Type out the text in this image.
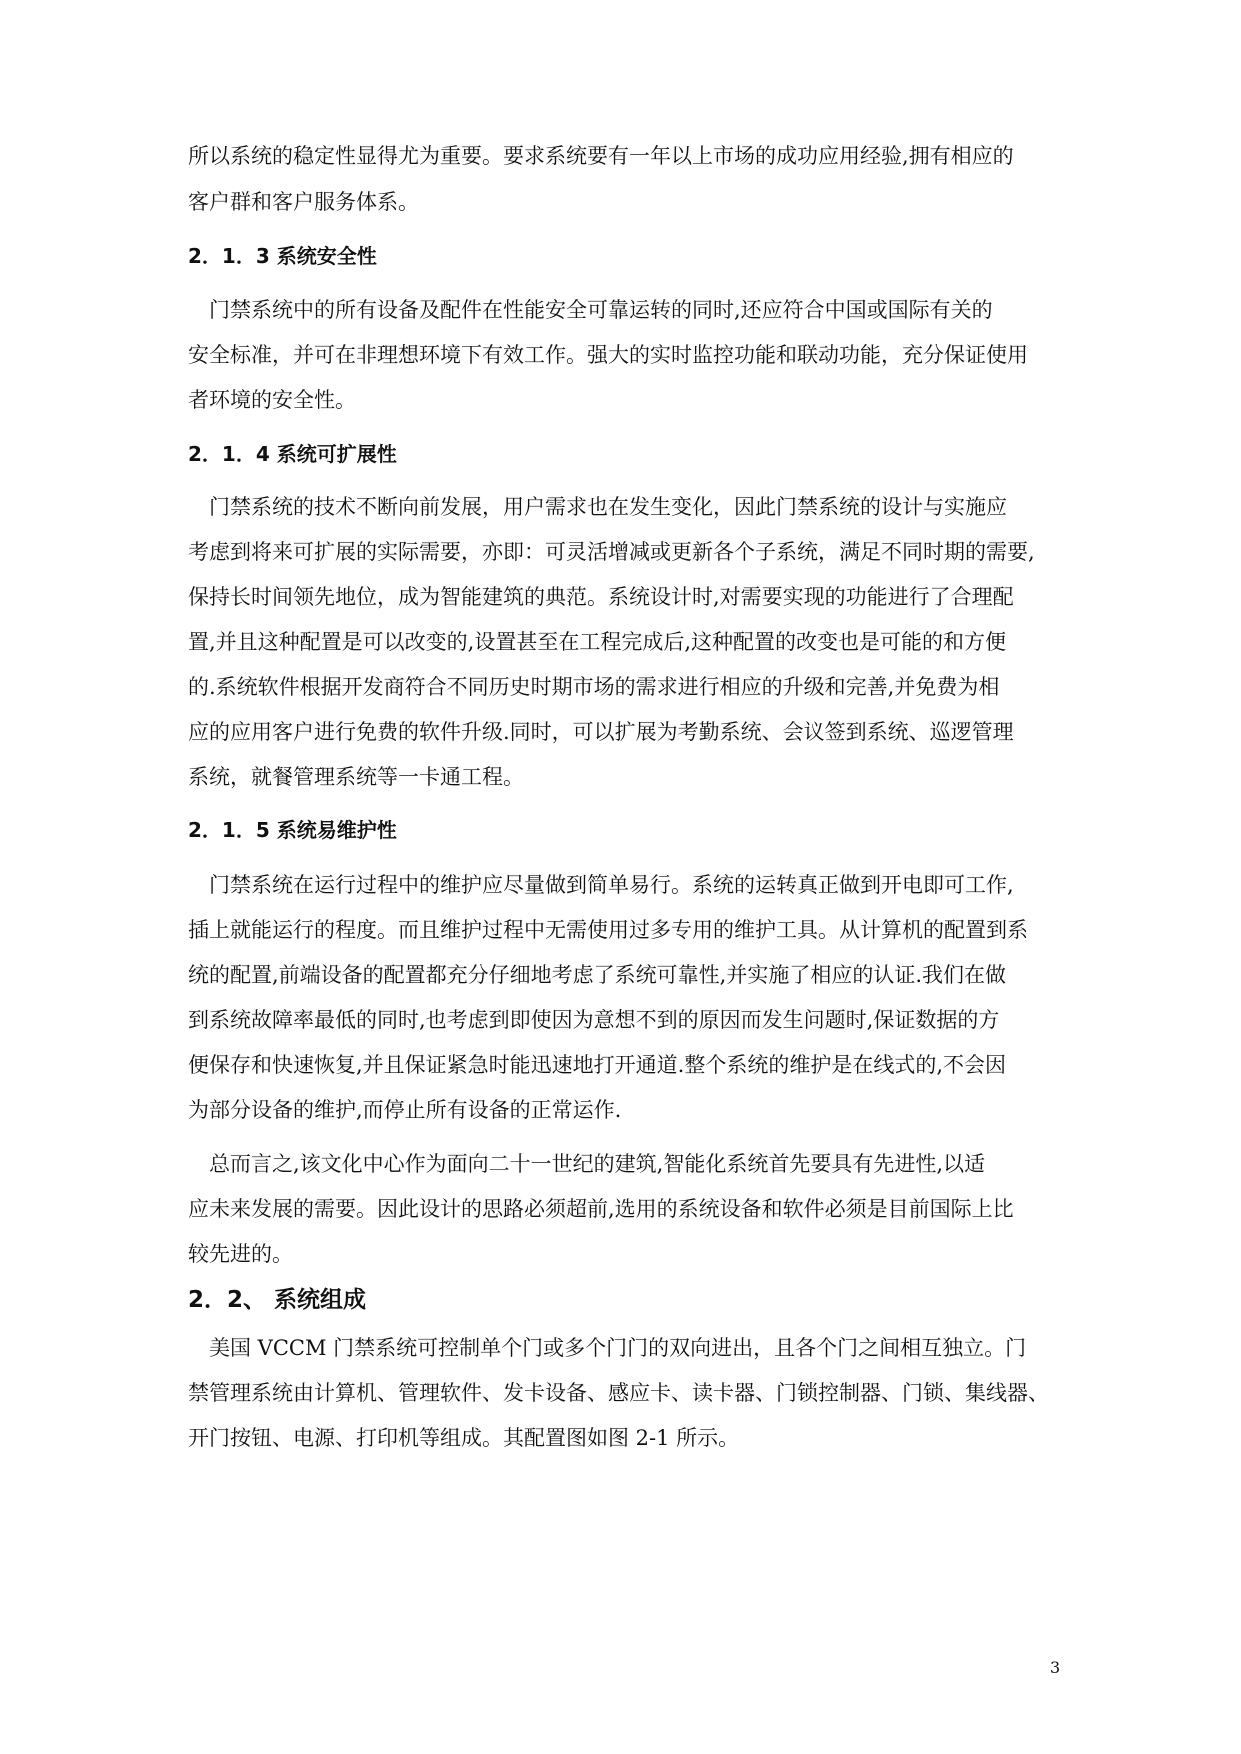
所以系统的稳定性显得尤为重要。要求系统要有一年以上市场的成功应用经验,拥有相应的
客户群和客户服务体系。
2．1．3 系统安全性
　门禁系统中的所有设备及配件在性能安全可靠运转的同时,还应符合中国或国际有关的
安全标准，并可在非理想环境下有效工作。强大的实时监控功能和联动功能，充分保证使用
者环境的安全性。
2．1．4 系统可扩展性
　门禁系统的技术不断向前发展，用户需求也在发生变化，因此门禁系统的设计与实施应
考虑到将来可扩展的实际需要，亦即：可灵活增减或更新各个子系统，满足不同时期的需要,
保持长时间领先地位，成为智能建筑的典范。系统设计时,对需要实现的功能进行了合理配
置,并且这种配置是可以改变的,设置甚至在工程完成后,这种配置的改变也是可能的和方便
的.系统软件根据开发商符合不同历史时期市场的需求进行相应的升级和完善,并免费为相
应的应用客户进行免费的软件升级.同时，可以扩展为考勤系统、会议签到系统、巡逻管理
系统，就餐管理系统等一卡通工程。
2．1．5 系统易维护性
　门禁系统在运行过程中的维护应尽量做到简单易行。系统的运转真正做到开电即可工作,
插上就能运行的程度。而且维护过程中无需使用过多专用的维护工具。从计算机的配置到系
统的配置,前端设备的配置都充分仔细地考虑了系统可靠性,并实施了相应的认证.我们在做
到系统故障率最低的同时,也考虑到即使因为意想不到的原因而发生问题时,保证数据的方
便保存和快速恢复,并且保证紧急时能迅速地打开通道.整个系统的维护是在线式的,不会因
为部分设备的维护,而停止所有设备的正常运作.
　总而言之,该文化中心作为面向二十一世纪的建筑,智能化系统首先要具有先进性,以适
应未来发展的需要。因此设计的思路必须超前,选用的系统设备和软件必须是目前国际上比
较先进的。
2．2、 系统组成
　美国 VCCM 门禁系统可控制单个门或多个门门的双向进出，且各个门之间相互独立。门
禁管理系统由计算机、管理软件、发卡设备、感应卡、读卡器、门锁控制器、门锁、集线器、
开门按钮、电源、打印机等组成。其配置图如图 2-1 所示。
3
